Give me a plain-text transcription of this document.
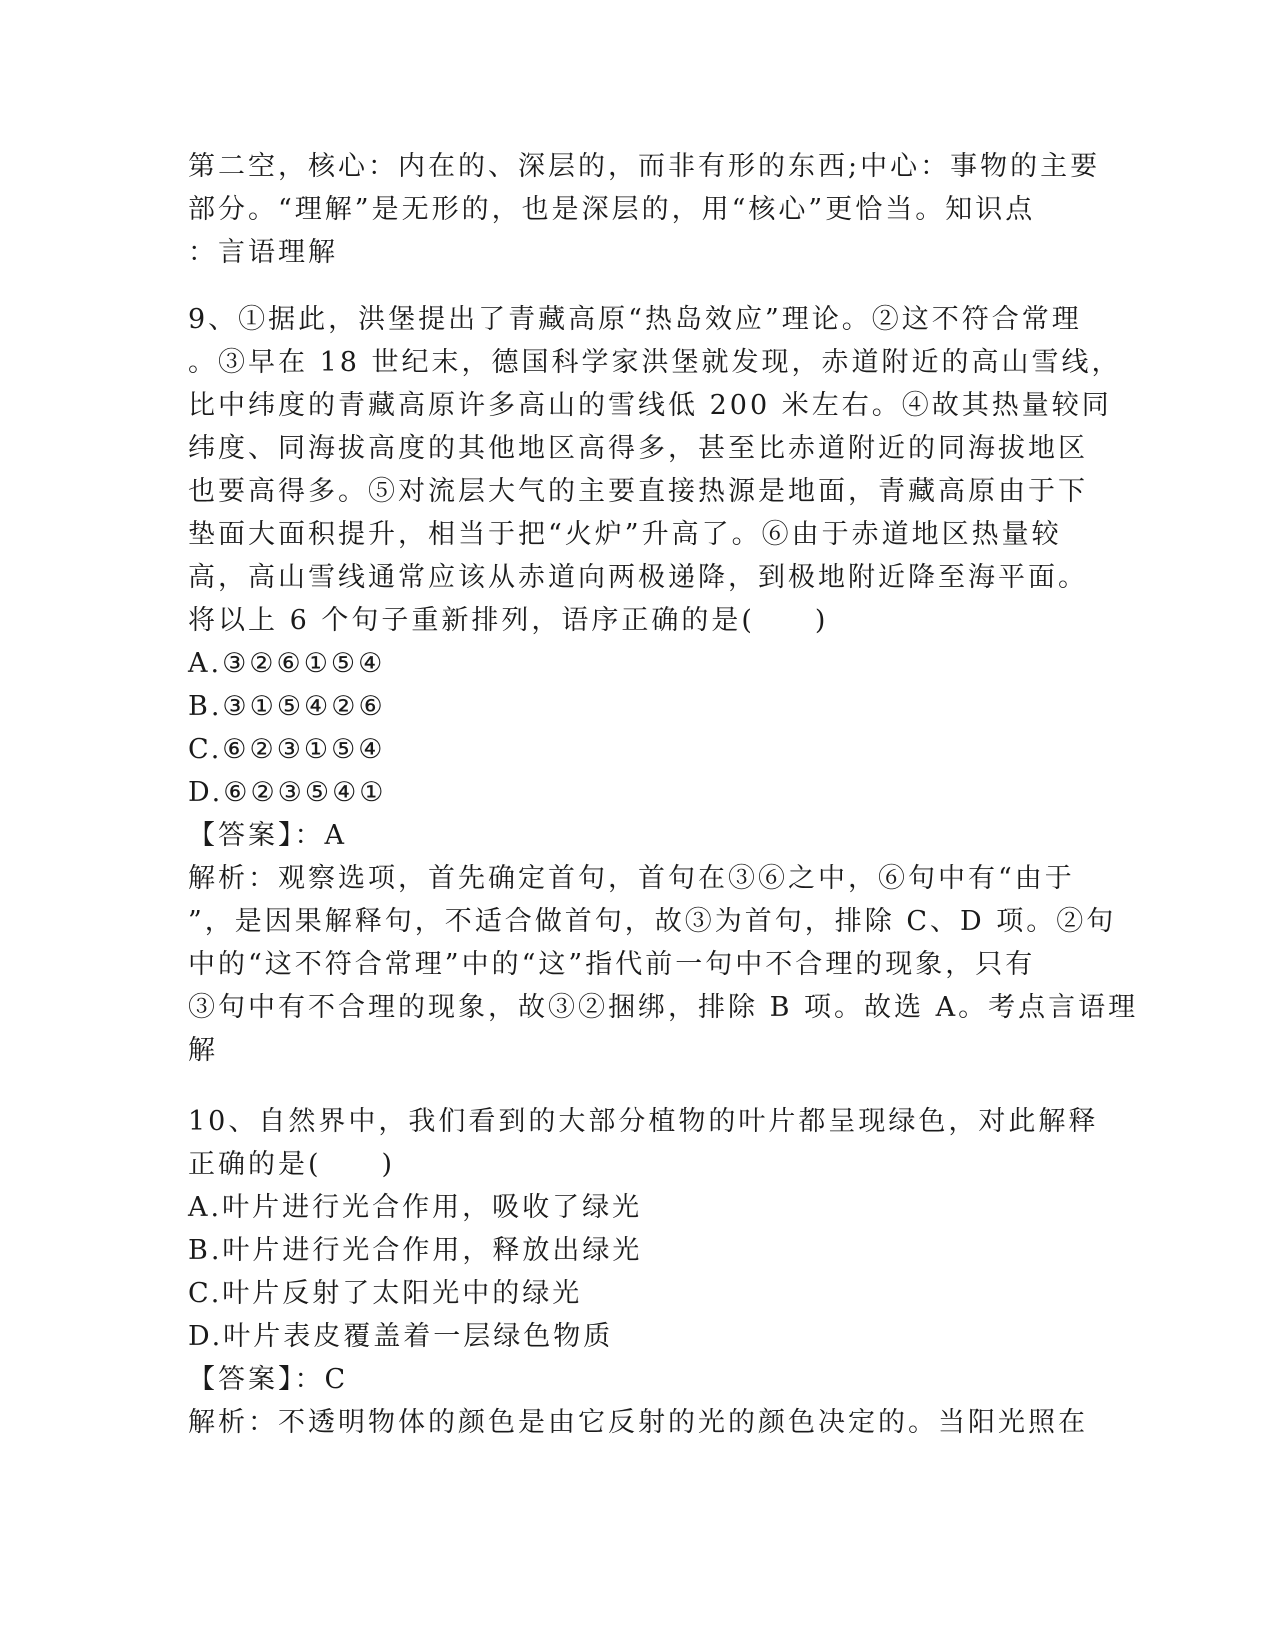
第二空，核心：内在的、深层的，而非有形的东西;中心：事物的主要
部分。“理解”是无形的，也是深层的，用“核心”更恰当。知识点
：言语理解
9、①据此，洪堡提出了青藏高原“热岛效应”理论。②这不符合常理
。③早在 18 世纪末，德国科学家洪堡就发现，赤道附近的高山雪线，
比中纬度的青藏高原许多高山的雪线低 200 米左右。④故其热量较同
纬度、同海拔高度的其他地区高得多，甚至比赤道附近的同海拔地区
也要高得多。⑤对流层大气的主要直接热源是地面，青藏高原由于下
垫面大面积提升，相当于把“火炉”升高了。⑥由于赤道地区热量较
高，高山雪线通常应该从赤道向两极递降，到极地附近降至海平面。
将以上 6 个句子重新排列，语序正确的是(　　)
A.③②⑥①⑤④
B.③①⑤④②⑥
C.⑥②③①⑤④
D.⑥②③⑤④①
【答案】：A
解析：观察选项，首先确定首句，首句在③⑥之中，⑥句中有“由于
”，是因果解释句，不适合做首句，故③为首句，排除 C、D 项。②句
中的“这不符合常理”中的“这”指代前一句中不合理的现象，只有
③句中有不合理的现象，故③②捆绑，排除 B 项。故选 A。考点言语理
解
10、自然界中，我们看到的大部分植物的叶片都呈现绿色，对此解释
正确的是(　　)
A.叶片进行光合作用，吸收了绿光
B.叶片进行光合作用，释放出绿光
C.叶片反射了太阳光中的绿光
D.叶片表皮覆盖着一层绿色物质
【答案】：C
解析：不透明物体的颜色是由它反射的光的颜色决定的。当阳光照在
